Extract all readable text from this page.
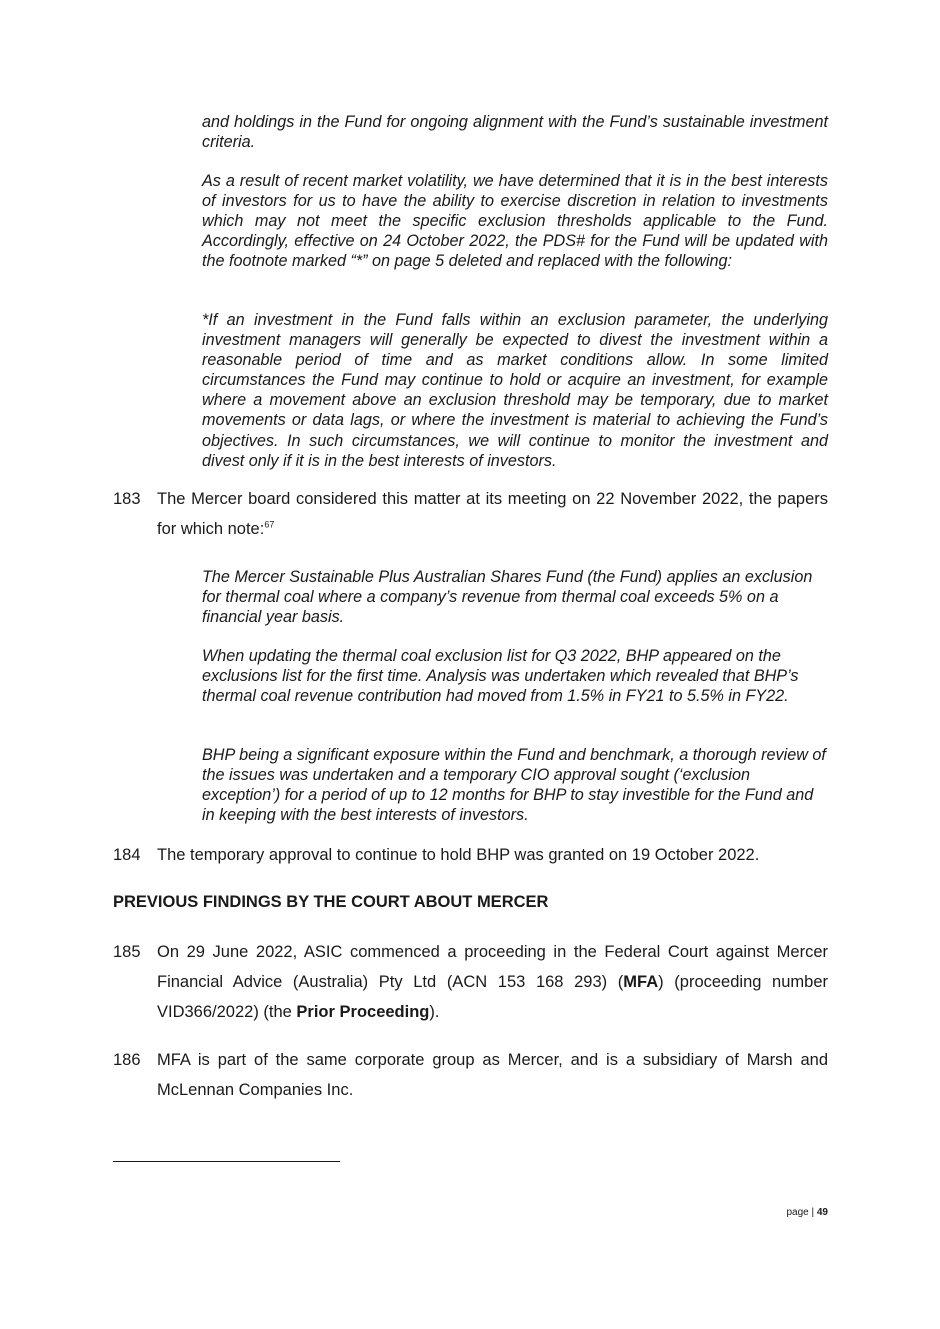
and holdings in the Fund for ongoing alignment with the Fund’s sustainable investment criteria.

As a result of recent market volatility, we have determined that it is in the best interests of investors for us to have the ability to exercise discretion in relation to investments which may not meet the specific exclusion thresholds applicable to the Fund. Accordingly, effective on 24 October 2022, the PDS# for the Fund will be updated with the footnote marked “*” on page 5 deleted and replaced with the following:

*If an investment in the Fund falls within an exclusion parameter, the underlying investment managers will generally be expected to divest the investment within a reasonable period of time and as market conditions allow. In some limited circumstances the Fund may continue to hold or acquire an investment, for example where a movement above an exclusion threshold may be temporary, due to market movements or data lags, or where the investment is material to achieving the Fund’s objectives. In such circumstances, we will continue to monitor the investment and divest only if it is in the best interests of investors.

183 The Mercer board considered this matter at its meeting on 22 November 2022, the papers for which note:$^{67}$

The Mercer Sustainable Plus Australian Shares Fund (the Fund) applies an exclusion for thermal coal where a company’s revenue from thermal coal exceeds 5% on a financial year basis.

When updating the thermal coal exclusion list for Q3 2022, BHP appeared on the exclusions list for the first time. Analysis was undertaken which revealed that BHP’s thermal coal revenue contribution had moved from 1.5% in FY21 to 5.5% in FY22.

BHP being a significant exposure within the Fund and benchmark, a thorough review of the issues was undertaken and a temporary CIO approval sought (‘exclusion exception’) for a period of up to 12 months for BHP to stay investible for the Fund and in keeping with the best interests of investors.

184 The temporary approval to continue to hold BHP was granted on 19 October 2022.

PREVIOUS FINDINGS BY THE COURT ABOUT MERCER

185 On 29 June 2022, ASIC commenced a proceeding in the Federal Court against Mercer Financial Advice (Australia) Pty Ltd (ACN 153 168 293) (MFA) (proceeding number VID366/2022) (the Prior Proceeding).
186 MFA is part of the same corporate group as Mercer, and is a subsidiary of Marsh and McLennan Companies Inc.
page | 49
